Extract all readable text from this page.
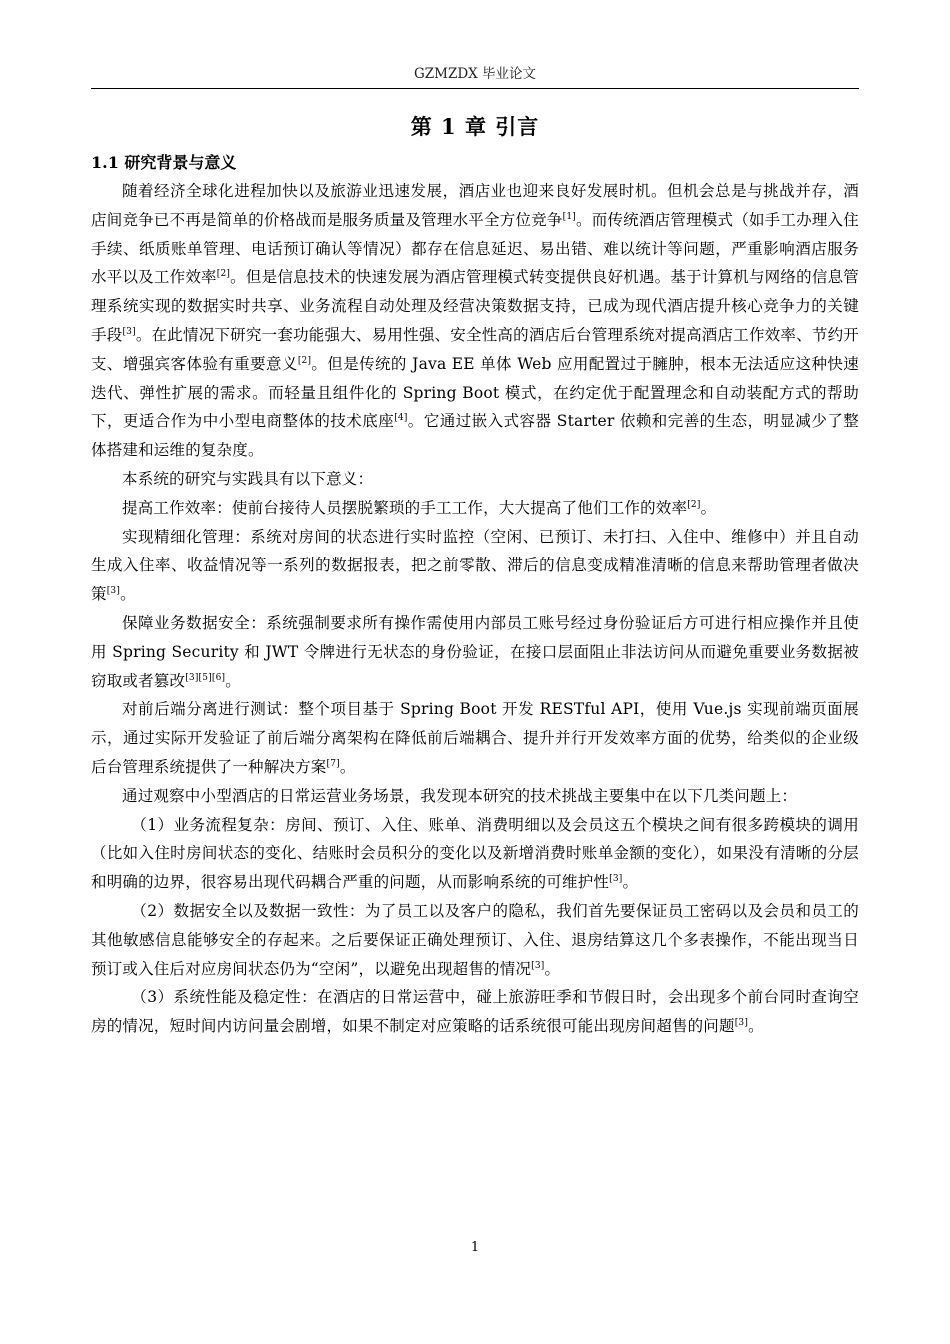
GZMZDX 毕业论文
第 1 章 引言
1.1 研究背景与意义

随着经济全球化进程加快以及旅游业迅速发展，酒店业也迎来良好发展时机。但机会总是与挑战并存，酒店间竞争已不再是简单的价格战而是服务质量及管理水平全方位竞争[1]。而传统酒店管理模式（如手工办理入住手续、纸质账单管理、电话预订确认等情况）都存在信息延迟、易出错、难以统计等问题，严重影响酒店服务水平以及工作效率[2]。但是信息技术的快速发展为酒店管理模式转变提供良好机遇。基于计算机与网络的信息管理系统实现的数据实时共享、业务流程自动处理及经营决策数据支持，已成为现代酒店提升核心竞争力的关键手段[3]。在此情况下研究一套功能强大、易用性强、安全性高的酒店后台管理系统对提高酒店工作效率、节约开支、增强宾客体验有重要意义[2]。但是传统的 Java EE 单体 Web 应用配置过于臃肿，根本无法适应这种快速迭代、弹性扩展的需求。而轻量且组件化的 Spring Boot 模式，在约定优于配置理念和自动装配方式的帮助下，更适合作为中小型电商整体的技术底座[4]。它通过嵌入式容器 Starter 依赖和完善的生态，明显减少了整体搭建和运维的复杂度。

本系统的研究与实践具有以下意义：

提高工作效率：使前台接待人员摆脱繁琐的手工工作，大大提高了他们工作的效率[2]。

实现精细化管理：系统对房间的状态进行实时监控（空闲、已预订、未打扫、入住中、维修中）并且自动生成入住率、收益情况等一系列的数据报表，把之前零散、滞后的信息变成精准清晰的信息来帮助管理者做决策[3]。

保障业务数据安全：系统强制要求所有操作需使用内部员工账号经过身份验证后方可进行相应操作并且使用 Spring Security 和 JWT 令牌进行无状态的身份验证，在接口层面阻止非法访问从而避免重要业务数据被窃取或者篡改[3][5][6]。

对前后端分离进行测试：整个项目基于 Spring Boot 开发 RESTful API，使用 Vue.js 实现前端页面展示，通过实际开发验证了前后端分离架构在降低前后端耦合、提升并行开发效率方面的优势，给类似的企业级后台管理系统提供了一种解决方案[7]。

通过观察中小型酒店的日常运营业务场景，我发现本研究的技术挑战主要集中在以下几类问题上：

（1）业务流程复杂：房间、预订、入住、账单、消费明细以及会员这五个模块之间有很多跨模块的调用（比如入住时房间状态的变化、结账时会员积分的变化以及新增消费时账单金额的变化），如果没有清晰的分层和明确的边界，很容易出现代码耦合严重的问题，从而影响系统的可维护性[3]。

（2）数据安全以及数据一致性：为了员工以及客户的隐私，我们首先要保证员工密码以及会员和员工的其他敏感信息能够安全的存起来。之后要保证正确处理预订、入住、退房结算这几个多表操作，不能出现当日预订或入住后对应房间状态仍为“空闲”，以避免出现超售的情况[3]。

（3）系统性能及稳定性：在酒店的日常运营中，碰上旅游旺季和节假日时，会出现多个前台同时查询空房的情况，短时间内访问量会剧增，如果不制定对应策略的话系统很可能出现房间超售的问题[3]。

1
